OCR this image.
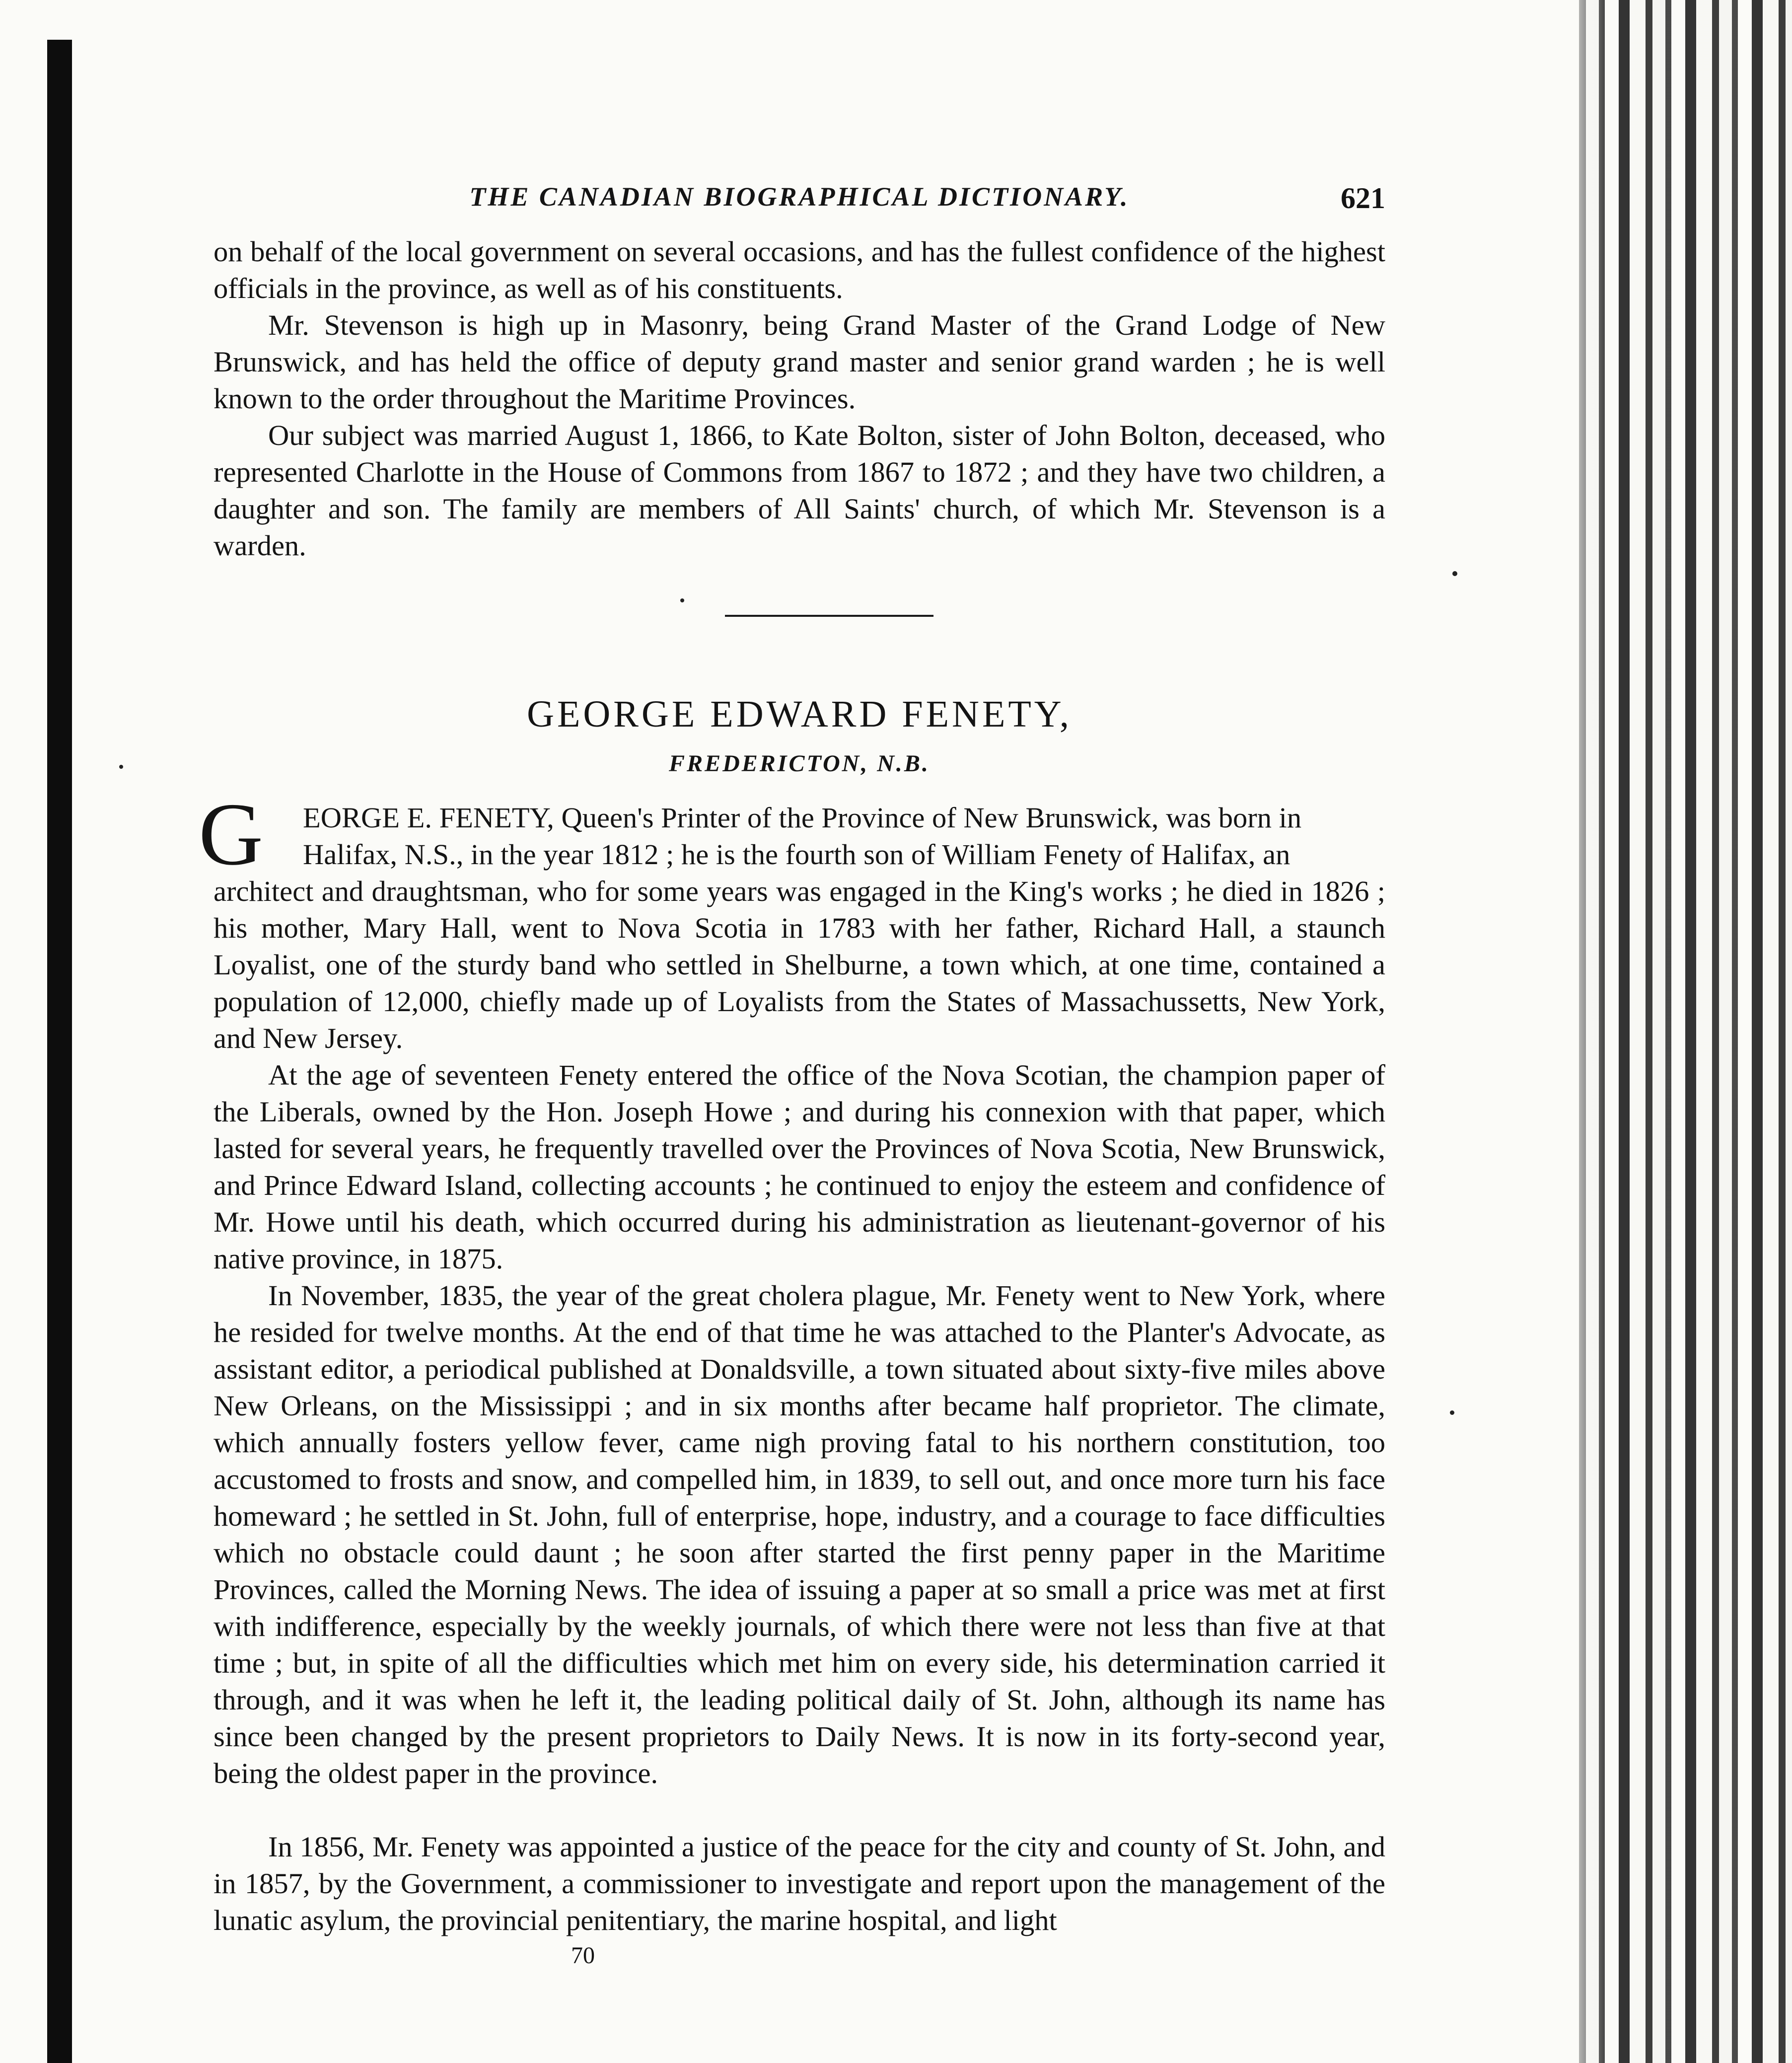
THE CANADIAN BIOGRAPHICAL DICTIONARY.	621

on behalf of the local government on several occasions, and has the fullest confidence of the highest officials in the province, as well as of his constituents.

Mr. Stevenson is high up in Masonry, being Grand Master of the Grand Lodge of New Brunswick, and has held the office of deputy grand master and senior grand warden ; he is well known to the order throughout the Maritime Provinces.

Our subject was married August 1, 1866, to Kate Bolton, sister of John Bolton, deceased, who represented Charlotte in the House of Commons from 1867 to 1872 ; and they have two children, a daughter and son. The family are members of All Saints' church, of which Mr. Stevenson is a warden.

GEORGE EDWARD FENETY,
FREDERICTON, N.B.
G EORGE E. FENETY, Queen's Printer of the Province of New Brunswick, was born in
Halifax, N.S., in the year 1812 ; he is the fourth son of William Fenety of Halifax, an

architect and draughtsman, who for some years was engaged in the King's works ; he died in 1826 ; his mother, Mary Hall, went to Nova Scotia in 1783 with her father, Richard Hall, a staunch Loyalist, one of the sturdy band who settled in Shelburne, a town which, at one time, contained a population of 12,000, chiefly made up of Loyalists from the States of Massachussetts, New York, and New Jersey.

At the age of seventeen Fenety entered the office of the Nova Scotian, the champion paper of the Liberals, owned by the Hon. Joseph Howe ; and during his connexion with that paper, which lasted for several years, he frequently travelled over the Provinces of Nova Scotia, New Brunswick, and Prince Edward Island, collecting accounts ; he continued to enjoy the esteem and confidence of Mr. Howe until his death, which occurred during his administration as lieutenant-governor of his native province, in 1875.

In November, 1835, the year of the great cholera plague, Mr. Fenety went to New York, where he resided for twelve months. At the end of that time he was attached to the Planter's Advocate, as assistant editor, a periodical published at Donaldsville, a town situated about sixty-five miles above New Orleans, on the Mississippi ; and in six months after became half proprietor. The climate, which annually fosters yellow fever, came nigh proving fatal to his northern constitution, too accustomed to frosts and snow, and compelled him, in 1839, to sell out, and once more turn his face homeward ; he settled in St. John, full of enterprise, hope, industry, and a courage to face difficulties which no obstacle could daunt ; he soon after started the first penny paper in the Maritime Provinces, called the Morning News. The idea of issuing a paper at so small a price was met at first with indifference, especially by the weekly journals, of which there were not less than five at that time ; but, in spite of all the difficulties which met him on every side, his determination carried it through, and it was when he left it, the leading political daily of St. John, although its name has since been changed by the present proprietors to Daily News. It is now in its forty-second year, being the oldest paper in the province.

In 1856, Mr. Fenety was appointed a justice of the peace for the city and county of St. John, and in 1857, by the Government, a commissioner to investigate and report upon the management of the lunatic asylum, the provincial penitentiary, the marine hospital, and light

70
